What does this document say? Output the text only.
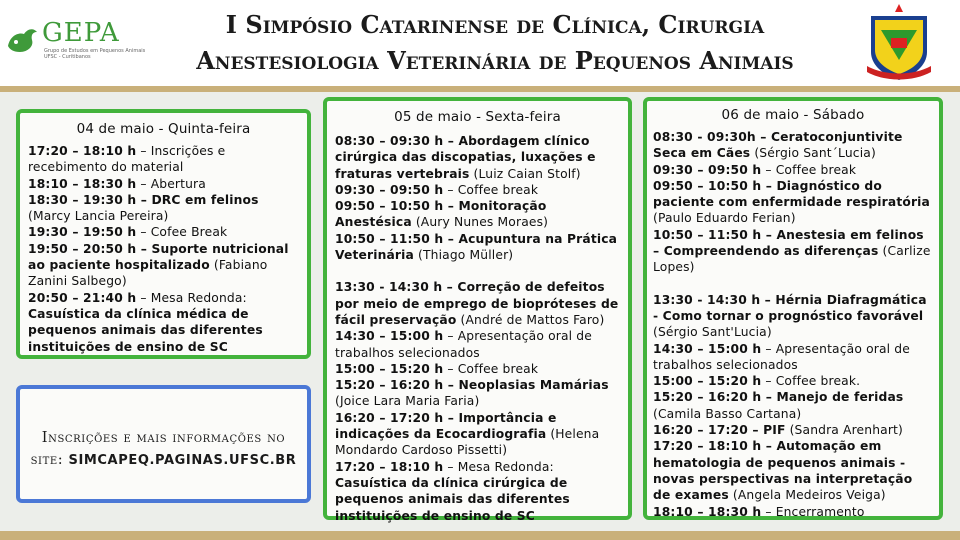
GEPA
Grupo de Estudos em Pequenos Animais UFSC - Curitibanos
I Simpósio Catarinense de Clínica, Cirurgia
Anestesiologia Veterinária de Pequenos Animais
04 de maio - Quinta-feira
17:20 – 18:10 h – Inscrições e recebimento do material
18:10 – 18:30 h – Abertura
18:30 – 19:30 h – DRC em felinos (Marcy Lancia Pereira)
19:30 – 19:50 h – Cofee Break
19:50 – 20:50 h – Suporte nutricional ao paciente hospitalizado (Fabiano Zanini Salbego)
20:50 – 21:40 h – Mesa Redonda:
Casuística da clínica médica de pequenos animais das diferentes instituições de ensino de SC
05 de maio - Sexta-feira
08:30 – 09:30 h – Abordagem clínico cirúrgica das discopatias, luxações e fraturas vertebrais (Luiz Caian Stolf)
09:30 – 09:50 h – Coffee break
09:50 – 10:50 h – Monitoração Anestésica (Aury Nunes Moraes)
10:50 – 11:50 h – Acupuntura na Prática Veterinária (Thiago Müller)
13:30 - 14:30 h – Correção de defeitos por meio de emprego de biopróteses de fácil preservação (André de Mattos Faro)
14:30 – 15:00 h – Apresentação oral de trabalhos selecionados
15:00 – 15:20 h – Coffee break
15:20 – 16:20 h – Neoplasias Mamárias (Joice Lara Maria Faria)
16:20 – 17:20 h – Importância e indicações da Ecocardiografia (Helena Mondardo Cardoso Pissetti)
17:20 – 18:10 h – Mesa Redonda:
Casuística da clínica cirúrgica de pequenos animais das diferentes instituições de ensino de SC
06 de maio - Sábado
08:30 - 09:30h – Ceratoconjuntivite Seca em Cães (Sérgio Sant´Lucia)
09:30 – 09:50 h – Coffee break
09:50 – 10:50 h – Diagnóstico do paciente com enfermidade respiratória (Paulo Eduardo Ferian)
10:50 – 11:50 h – Anestesia em felinos – Compreendendo as diferenças (Carlize Lopes)
13:30 - 14:30 h – Hérnia Diafragmática - Como tornar o prognóstico favorável (Sérgio Sant'Lucia)
14:30 – 15:00 h – Apresentação oral de trabalhos selecionados
15:00 – 15:20 h – Coffee break.
15:20 – 16:20 h – Manejo de feridas (Camila Basso Cartana)
16:20 – 17:20 – PIF (Sandra Arenhart)
17:20 – 18:10 h – Automação em hematologia de pequenos animais - novas perspectivas na interpretação de exames (Angela Medeiros Veiga)
18:10 – 18:30 h – Encerramento
Inscrições e mais informações no
site: SIMCAPEQ.PAGINAS.UFSC.BR
